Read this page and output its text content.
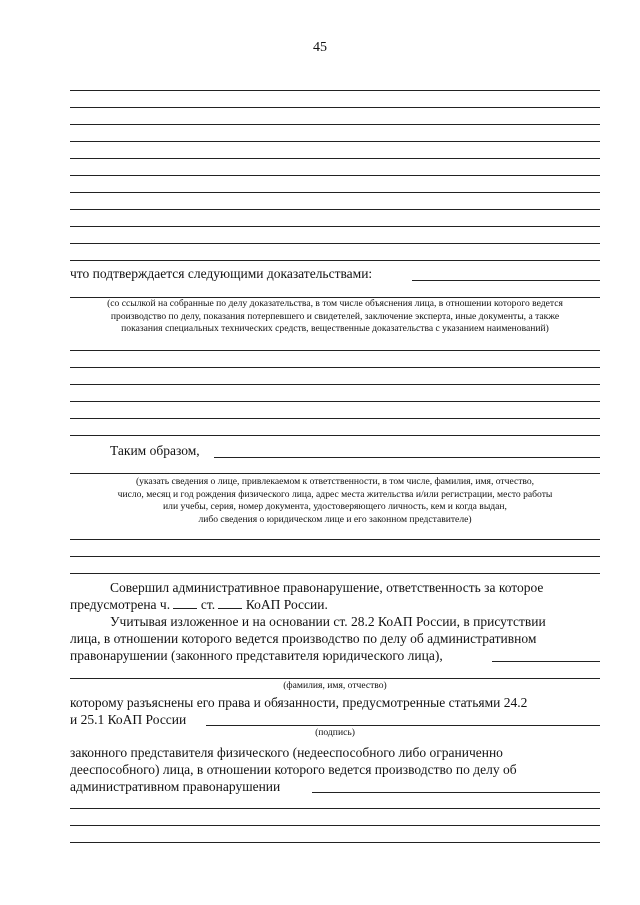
45
что подтверждается следующими доказательствами:
(со ссылкой на собранные по делу доказательства, в том числе объяснения лица, в отношении которого ведется
производство по делу, показания потерпевшего и свидетелей, заключение эксперта, иные документы, а также
показания специальных технических средств, вещественные доказательства с указанием наименований)
Таким образом,
(указать сведения о лице, привлекаемом к ответственности, в том числе, фамилия, имя, отчество,
число, месяц и год рождения физического лица, адрес места жительства и/или регистрации, место работы
или учебы, серия, номер документа, удостоверяющего личность, кем и когда выдан,
либо сведения о юридическом лице и его законном представителе)
Совершил административное правонарушение, ответственность за которое
предусмотрена ч. ст. КоАП России.
Учитывая изложенное и на основании ст. 28.2 КоАП России, в присутствии
лица, в отношении которого ведется производство по делу об административном
правонарушении (законного представителя юридического лица),
(фамилия, имя, отчество)
которому разъяснены его права и обязанности, предусмотренные статьями 24.2
и 25.1 КоАП России
(подпись)
законного представителя физического (недееспособного либо ограниченно
дееспособного) лица, в отношении которого ведется производство по делу об
административном правонарушении
